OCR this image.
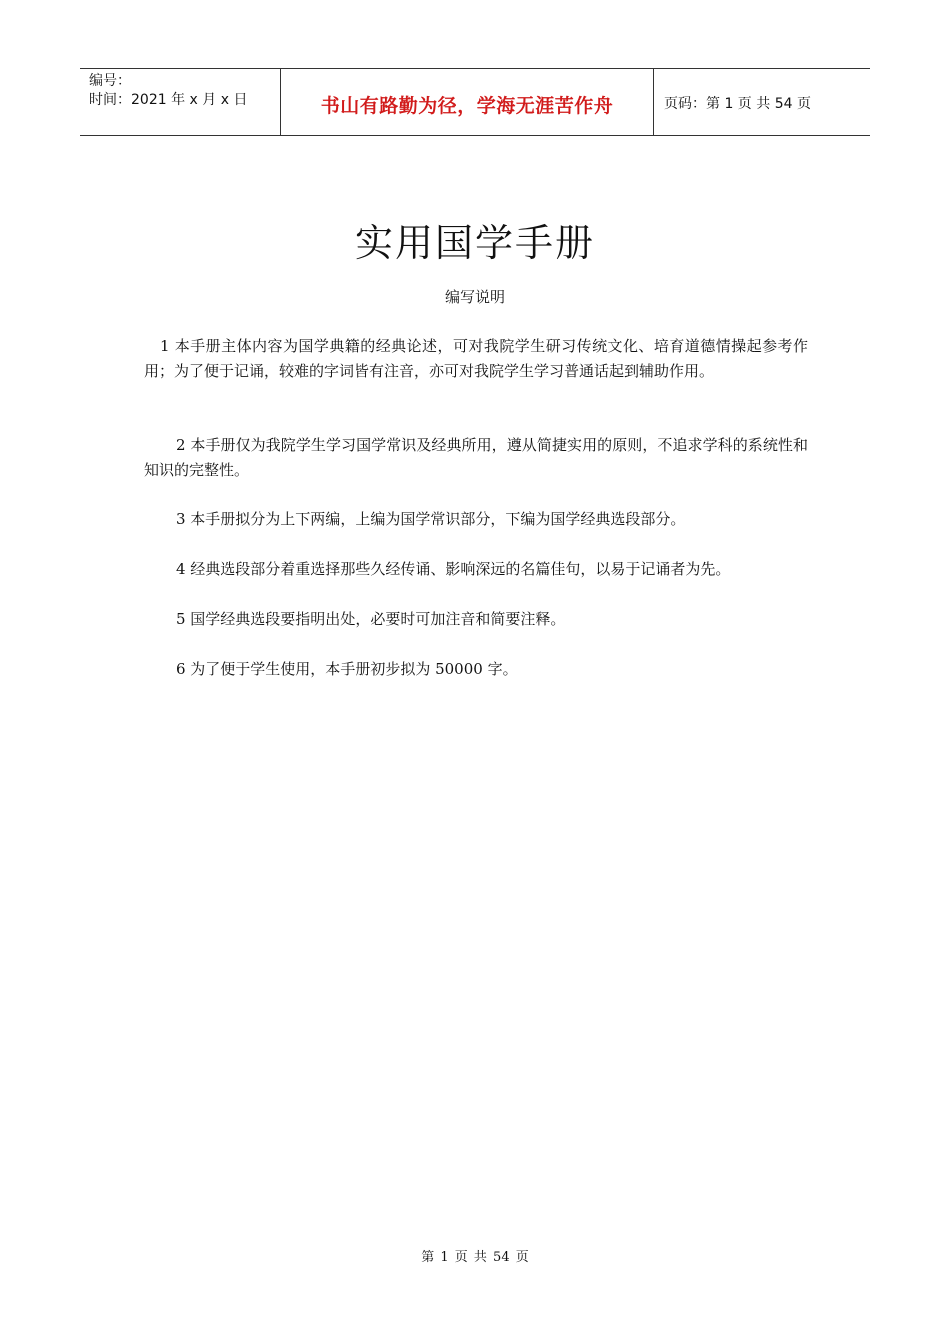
编号：
时间：2021 年 x 月 x 日	书山有路勤为径，学海无涯苦作舟	页码：第 1 页 共 54 页
实用国学手册
编写说明

1 本手册主体内容为国学典籍的经典论述，可对我院学生研习传统文化、培育道德情操起参考作用；为了便于记诵，较难的字词皆有注音，亦可对我院学生学习普通话起到辅助作用。

2 本手册仅为我院学生学习国学常识及经典所用，遵从简捷实用的原则，不追求学科的系统性和知识的完整性。

3 本手册拟分为上下两编，上编为国学常识部分，下编为国学经典选段部分。

4 经典选段部分着重选择那些久经传诵、影响深远的名篇佳句，以易于记诵者为先。

5 国学经典选段要指明出处，必要时可加注音和简要注释。

6 为了便于学生使用，本手册初步拟为 50000 字。

第 1 页 共 54 页
